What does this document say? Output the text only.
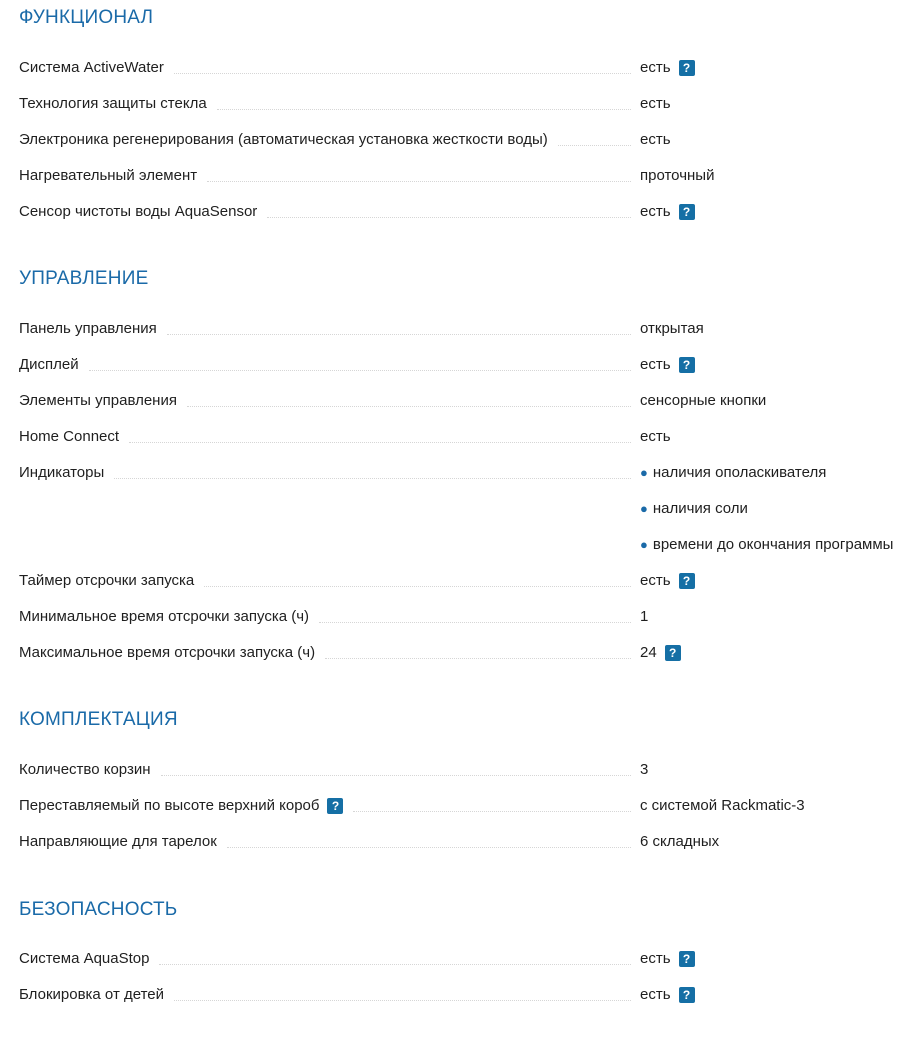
ФУНКЦИОНАЛ
Система ActiveWater	есть	?
Технология защиты стекла	есть
Электроника регенерирования (автоматическая установка жесткости воды)	есть
Нагревательный элемент	проточный
Сенсор чистоты воды AquaSensor	есть	?
УПРАВЛЕНИЕ
Панель управления	открытая
Дисплей	есть	?
Элементы управления	сенсорные кнопки
Home Connect	есть
Индикаторы	● наличия ополаскивателя
● наличия соли
● времени до окончания программы
Таймер отсрочки запуска	есть	?
Минимальное время отсрочки запуска (ч)	1
Максимальное время отсрочки запуска (ч)	24	?
КОМПЛЕКТАЦИЯ
Количество корзин	3
Переставляемый по высоте верхний короб	?	с системой Rackmatic-3
Направляющие для тарелок	6 складных
БЕЗОПАСНОСТЬ
Система AquaStop	есть	?
Блокировка от детей	есть	?
